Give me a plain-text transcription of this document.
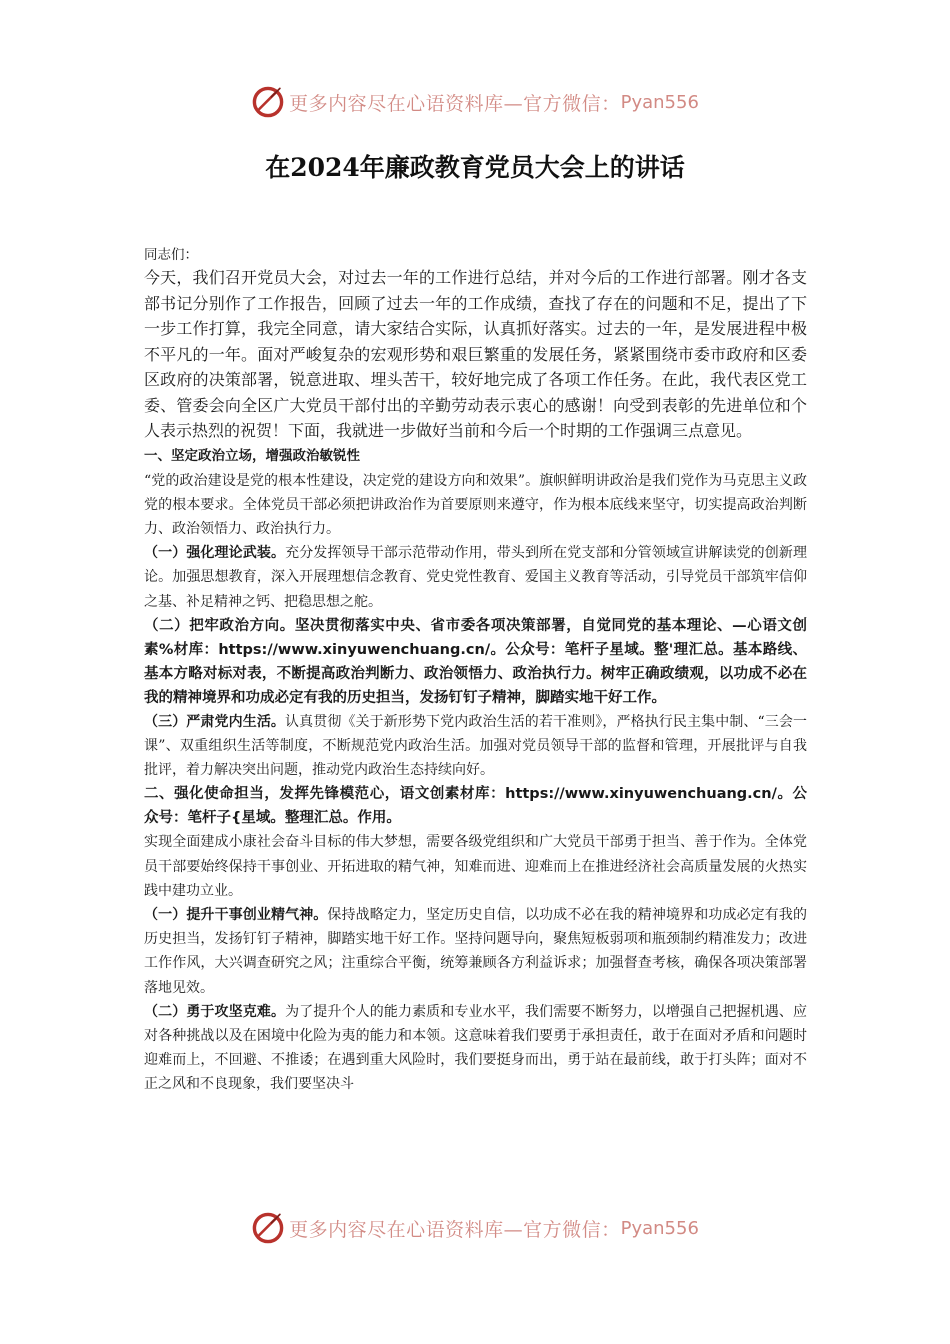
更多内容尽在心语资料库—官方微信： Pyan556
在2024年廉政教育党员大会上的讲话

同志们：

今天，我们召开党员大会，对过去一年的工作进行总结，并对今后的工作进行部署。刚才各支部书记分别作了工作报告，回顾了过去一年的工作成绩，查找了存在的问题和不足，提出了下一步工作打算，我完全同意，请大家结合实际，认真抓好落实。过去的一年，是发展进程中极不平凡的一年。面对严峻复杂的宏观形势和艰巨繁重的发展任务，紧紧围绕市委市政府和区委区政府的决策部署，锐意进取、埋头苦干，较好地完成了各项工作任务。在此，我代表区党工委、管委会向全区广大党员干部付出的辛勤劳动表示衷心的感谢！向受到表彰的先进单位和个人表示热烈的祝贺！下面，我就进一步做好当前和今后一个时期的工作强调三点意见。

一、坚定政治立场，增强政治敏锐性

“党的政治建设是党的根本性建设，决定党的建设方向和效果”。旗帜鲜明讲政治是我们党作为马克思主义政党的根本要求。全体党员干部必须把讲政治作为首要原则来遵守，作为根本底线来坚守，切实提高政治判断力、政治领悟力、政治执行力。

（一）强化理论武装。充分发挥领导干部示范带动作用，带头到所在党支部和分管领域宣讲解读党的创新理论。加强思想教育，深入开展理想信念教育、党史党性教育、爱国主义教育等活动，引导党员干部筑牢信仰之基、补足精神之钙、把稳思想之舵。

（二）把牢政治方向。坚决贯彻落实中央、省市委各项决策部署，自觉同党的基本理论、—心语文创素%材库：https://www.xinyuwenchuang.cn/。公众号：笔杆子星域。整'理汇总。基本路线、基本方略对标对表，不断提高政治判断力、政治领悟力、政治执行力。树牢正确政绩观，以功成不必在我的精神境界和功成必定有我的历史担当，发扬钉钉子精神，脚踏实地干好工作。

（三）严肃党内生活。认真贯彻《关于新形势下党内政治生活的若干准则》，严格执行民主集中制、“三会一课”、双重组织生活等制度，不断规范党内政治生活。加强对党员领导干部的监督和管理，开展批评与自我批评，着力解决突出问题，推动党内政治生态持续向好。

二、强化使命担当，发挥先锋模范心，语文创素材库：https://www.xinyuwenchuang.cn/。公众号：笔杆子{星域。整理汇总。作用。

实现全面建成小康社会奋斗目标的伟大梦想，需要各级党组织和广大党员干部勇于担当、善于作为。全体党员干部要始终保持干事创业、开拓进取的精气神，知难而进、迎难而上在推进经济社会高质量发展的火热实践中建功立业。

（一）提升干事创业精气神。保持战略定力，坚定历史自信，以功成不必在我的精神境界和功成必定有我的历史担当，发扬钉钉子精神，脚踏实地干好工作。坚持问题导向，聚焦短板弱项和瓶颈制约精准发力；改进工作作风，大兴调查研究之风；注重综合平衡，统筹兼顾各方利益诉求；加强督查考核，确保各项决策部署落地见效。

（二）勇于攻坚克难。为了提升个人的能力素质和专业水平，我们需要不断努力，以增强自己把握机遇、应对各种挑战以及在困境中化险为夷的能力和本领。这意味着我们要勇于承担责任，敢于在面对矛盾和问题时迎难而上，不回避、不推诿；在遇到重大风险时，我们要挺身而出，勇于站在最前线，敢于打头阵；面对不正之风和不良现象，我们要坚决斗

更多内容尽在心语资料库—官方微信： Pyan556
